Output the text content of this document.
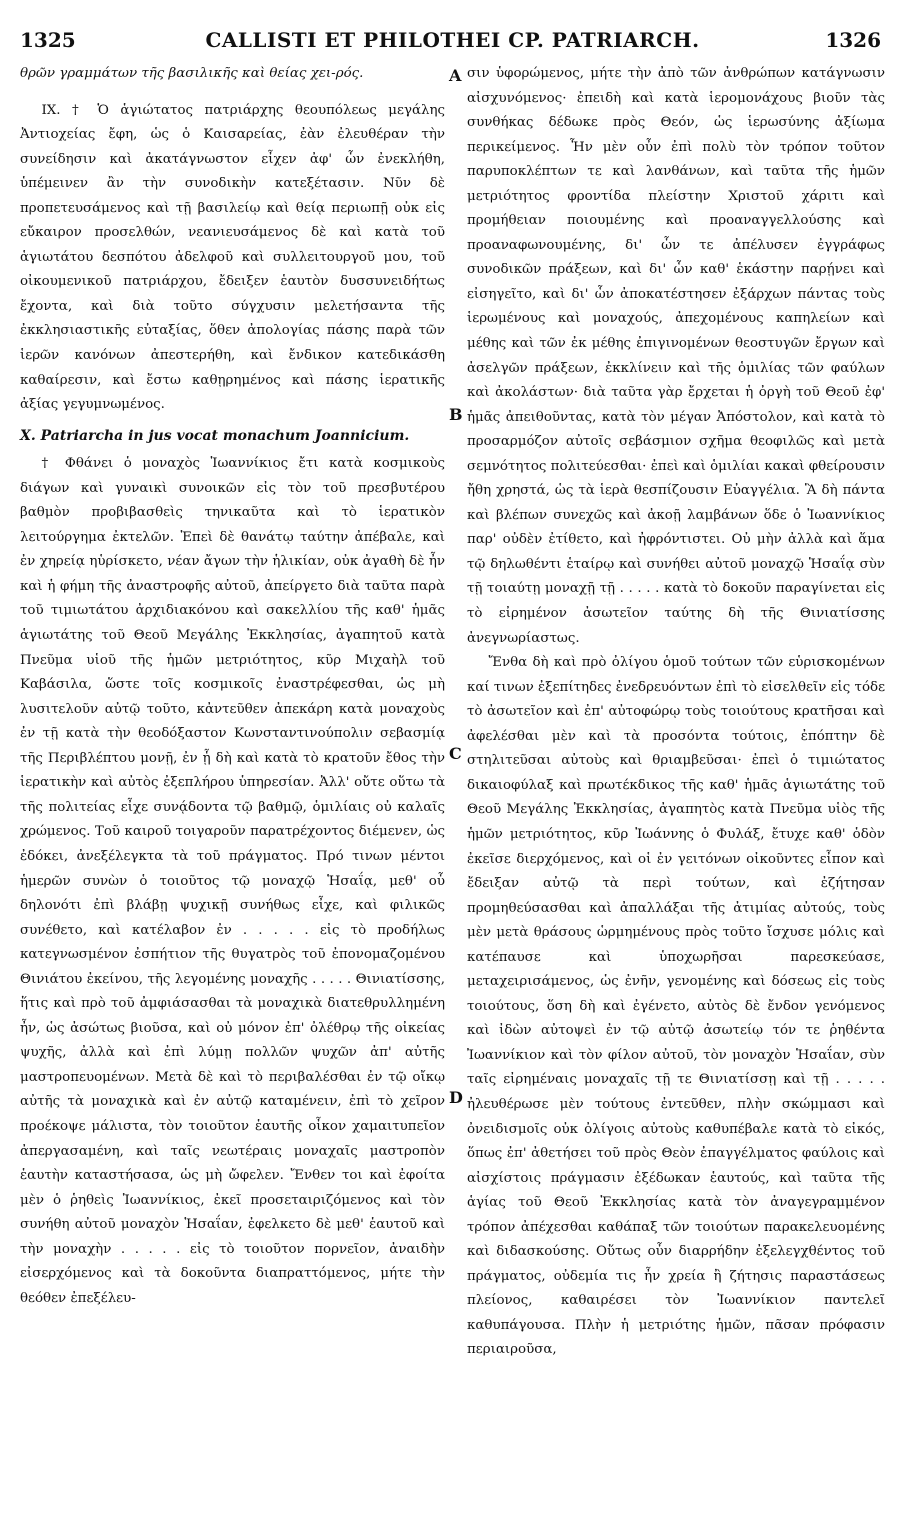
1325	CALLISTI ET PHILOTHEI CP. PATRIARCH.	1326

θρῶν γραμμάτων τῆς βασιλικῆς καὶ θείας χει-ρός.

IX. † Ὁ ἁγιώτατος πατριάρχης θεουπόλεως μεγάλης Ἀντιοχείας ἔφη, ὡς ὁ Καισαρείας, ἐὰν ἐλευθέραν τὴν συνείδησιν καὶ ἀκατάγνωστον εἶχεν ἀφ' ὧν ἐνεκλήθη, ὑπέμεινεν ἂν τὴν συνοδικὴν κατεξέτασιν. Νῦν δὲ προπετευσάμενος καὶ τῇ βασιλείῳ καὶ θείᾳ περιωπῇ οὐκ εἰς εὔκαιρον προσελθών, νεανιευσάμενος δὲ καὶ κατὰ τοῦ ἁγιωτάτου δεσπότου ἀδελφοῦ καὶ συλλειτουργοῦ μου, τοῦ οἰκουμενικοῦ πατριάρχου, ἔδειξεν ἑαυτὸν δυσσυνειδήτως ἔχοντα, καὶ διὰ τοῦτο σύγχυσιν μελετήσαντα τῆς ἐκκλησιαστικῆς εὐταξίας, ὅθεν ἀπολογίας πάσης παρὰ τῶν ἱερῶν κανόνων ἀπεστερήθη, καὶ ἔνδικον κατεδικάσθη καθαίρεσιν, καὶ ἔστω καθῃρημένος καὶ πάσης ἱερατικῆς ἀξίας γεγυμνωμένος.

X. Patriarcha in jus vocat monachum Joannicium.

† Φθάνει ὁ μοναχὸς Ἰωαννίκιος ἔτι κατὰ κοσμικοὺς διάγων καὶ γυναικὶ συνοικῶν εἰς τὸν τοῦ πρεσβυτέρου βαθμὸν προβιβασθεὶς τηνικαῦτα καὶ τὸ ἱερατικὸν λειτούργημα ἐκτελῶν. Ἐπεὶ δὲ θανάτῳ ταύτην ἀπέβαλε, καὶ ἐν χηρείᾳ ηὑρίσκετο, νέαν ἄγων τὴν ἡλικίαν, οὐκ ἀγαθὴ δὲ ἦν καὶ ἡ φήμη τῆς ἀναστροφῆς αὐτοῦ, ἀπείργετο διὰ ταῦτα παρὰ τοῦ τιμιωτάτου ἀρχιδιακόνου καὶ σακελλίου τῆς καθ' ἡμᾶς ἁγιωτάτης τοῦ Θεοῦ Μεγάλης Ἐκκλησίας, ἀγαπητοῦ κατὰ Πνεῦμα υἱοῦ τῆς ἡμῶν μετριότητος, κῦρ Μιχαὴλ τοῦ Καβάσιλα, ὥστε τοῖς κοσμικοῖς ἐναστρέφεσθαι, ὡς μὴ λυσιτελοῦν αὐτῷ τοῦτο, κἀντεῦθεν ἀπεκάρη κατὰ μοναχοὺς ἐν τῇ κατὰ τὴν θεοδόξαστον Κωνσταντινούπολιν σεβασμίᾳ τῆς Περιβλέπτου μονῇ, ἐν ᾗ δὴ καὶ κατὰ τὸ κρατοῦν ἔθος τὴν ἱερατικὴν καὶ αὐτὸς ἐξεπλήρου ὑπηρεσίαν. Ἀλλ' οὔτε οὕτω τὰ τῆς πολιτείας εἶχε συνᾴδοντα τῷ βαθμῷ, ὁμιλίαις οὐ καλαῖς χρώμενος. Τοῦ καιροῦ τοιγαροῦν παρατρέχοντος διέμενεν, ὡς ἐδόκει, ἀνεξέλεγκτα τὰ τοῦ πράγματος. Πρό τινων μέντοι ἡμερῶν συνὼν ὁ τοιοῦτος τῷ μοναχῷ Ἡσαΐᾳ, μεθ' οὗ δηλονότι ἐπὶ βλάβῃ ψυχικῇ συνήθως εἶχε, καὶ φιλικῶς συνέθετο, καὶ κατέλαβον ἐν . . . . . εἰς τὸ προδήλως κατεγνωσμένον ἐσπήτιον τῆς θυγατρὸς τοῦ ἐπονομαζομένου Θινιάτου ἐκείνου, τῆς λεγομένης μοναχῆς . . . . . Θινιατίσσης, ἥτις καὶ πρὸ τοῦ ἀμφιάσασθαι τὰ μοναχικὰ διατεθρυλλημένη ἦν, ὡς ἀσώτως βιοῦσα, καὶ οὐ μόνον ἐπ' ὀλέθρῳ τῆς οἰκείας ψυχῆς, ἀλλὰ καὶ ἐπὶ λύμῃ πολλῶν ψυχῶν ἀπ' αὐτῆς μαστροπευομένων. Μετὰ δὲ καὶ τὸ περιβαλέσθαι ἐν τῷ οἴκῳ αὐτῆς τὰ μοναχικὰ καὶ ἐν αὐτῷ καταμένειν, ἐπὶ τὸ χεῖρον προέκοψε μάλιστα, τὸν τοιοῦτον ἑαυτῆς οἶκον χαμαιτυπεῖον ἀπεργασαμένη, καὶ ταῖς νεωτέραις μοναχαῖς μαστροπὸν ἑαυτὴν καταστήσασα, ὡς μὴ ὤφελεν. Ἔνθεν τοι καὶ ἐφοίτα μὲν ὁ ῥηθεὶς Ἰωαννίκιος, ἐκεῖ προσεταιριζόμενος καὶ τὸν συνήθη αὐτοῦ μοναχὸν Ἡσαΐαν, ἐφελκετο δὲ μεθ' ἑαυτοῦ καὶ τὴν μοναχὴν . . . . . εἰς τὸ τοιοῦτον πορνεῖον, ἀναιδὴν εἰσερχόμενος καὶ τὰ δοκοῦντα διαπραττόμενος, μήτε τὴν θεόθεν ἐπεξέλευ-

σιν ὑφορώμενος, μήτε τὴν ἀπὸ τῶν ἀνθρώπων κατάγνωσιν αἰσχυνόμενος· ἐπειδὴ καὶ κατὰ ἱερομονάχους βιοῦν τὰς συνθήκας δέδωκε πρὸς Θεόν, ὡς ἱερωσύνης ἀξίωμα περικείμενος. Ἦν μὲν οὖν ἐπὶ πολὺ τὸν τρόπον τοῦτον παρυποκλέπτων τε καὶ λανθάνων, καὶ ταῦτα τῆς ἡμῶν μετριότητος φροντίδα πλείστην Χριστοῦ χάριτι καὶ προμήθειαν ποιουμένης καὶ προαναγγελλούσης καὶ προαναφωνουμένης, δι' ὧν τε ἀπέλυσεν ἐγγράφως συνοδικῶν πράξεων, καὶ δι' ὧν καθ' ἑκάστην παρῄνει καὶ εἰσηγεῖτο, καὶ δι' ὧν ἀποκατέστησεν ἐξάρχων πάντας τοὺς ἱερωμένους καὶ μοναχούς, ἀπεχομένους καπηλείων καὶ μέθης καὶ τῶν ἐκ μέθης ἐπιγινομένων θεοστυγῶν ἔργων καὶ ἀσελγῶν πράξεων, ἐκκλίνειν καὶ τῆς ὁμιλίας τῶν φαύλων καὶ ἀκολάστων· διὰ ταῦτα γὰρ ἔρχεται ἡ ὀργὴ τοῦ Θεοῦ ἐφ' ἡμᾶς ἀπειθοῦντας, κατὰ τὸν μέγαν Ἀπόστολον, καὶ κατὰ τὸ προσαρμόζον αὐτοῖς σεβάσμιον σχῆμα θεοφιλῶς καὶ μετὰ σεμνότητος πολιτεύεσθαι· ἐπεὶ καὶ ὁμιλίαι κακαὶ φθείρουσιν ἤθη χρηστά, ὡς τὰ ἱερὰ θεσπίζουσιν Εὐαγγέλια. Ἃ δὴ πάντα καὶ βλέπων συνεχῶς καὶ ἀκοῇ λαμβάνων ὅδε ὁ Ἰωαννίκιος παρ' οὐδὲν ἐτίθετο, καὶ ἠφρόντιστει. Οὐ μὴν ἀλλὰ καὶ ἅμα τῷ δηλωθέντι ἑταίρῳ καὶ συνήθει αὐτοῦ μοναχῷ Ἡσαΐᾳ σὺν τῇ τοιαύτῃ μοναχῇ τῇ . . . . . κατὰ τὸ δοκοῦν παραγίνεται εἰς τὸ εἰρημένον ἀσωτεῖον ταύτης δὴ τῆς Θινιατίσσης ἀνεγνωρίαστως.

Ἔνθα δὴ καὶ πρὸ ὀλίγου ὁμοῦ τούτων τῶν εὑρισκομένων καί τινων ἐξεπίτηδες ἐνεδρευόντων ἐπὶ τὸ εἰσελθεῖν εἰς τόδε τὸ ἀσωτεῖον καὶ ἐπ' αὐτοφώρῳ τοὺς τοιούτους κρατῆσαι καὶ ἀφελέσθαι μὲν καὶ τὰ προσόντα τούτοις, ἐπόπτην δὲ στηλιτεῦσαι αὐτοὺς καὶ θριαμβεῦσαι· ἐπεὶ ὁ τιμιώτατος δικαιοφύλαξ καὶ πρωτέκδικος τῆς καθ' ἡμᾶς ἁγιωτάτης τοῦ Θεοῦ Μεγάλης Ἐκκλησίας, ἀγαπητὸς κατὰ Πνεῦμα υἱὸς τῆς ἡμῶν μετριότητος, κῦρ Ἰωάννης ὁ Φυλάξ, ἔτυχε καθ' ὁδὸν ἐκεῖσε διερχόμενος, καὶ οἱ ἐν γειτόνων οἰκοῦντες εἶπον καὶ ἔδειξαν αὐτῷ τὰ περὶ τούτων, καὶ ἐζήτησαν προμηθεύσασθαι καὶ ἀπαλλάξαι τῆς ἀτιμίας αὐτούς, τοὺς μὲν μετὰ θράσους ὡρμημένους πρὸς τοῦτο ἴσχυσε μόλις καὶ κατέπαυσε καὶ ὑποχωρῆσαι παρεσκεύασε, μεταχειρισάμενος, ὡς ἐνῆν, γενομένης καὶ δόσεως εἰς τοὺς τοιούτους, ὅση δὴ καὶ ἐγένετο, αὐτὸς δὲ ἔνδον γενόμενος καὶ ἰδὼν αὐτοψεὶ ἐν τῷ αὐτῷ ἀσωτείῳ τόν τε ῥηθέντα Ἰωαννίκιον καὶ τὸν φίλον αὐτοῦ, τὸν μοναχὸν Ἡσαΐαν, σὺν ταῖς εἰρημέναις μοναχαῖς τῇ τε Θινιατίσσῃ καὶ τῇ . . . . . ἠλευθέρωσε μὲν τούτους ἐντεῦθεν, πλὴν σκώμμασι καὶ ὀνειδισμοῖς οὐκ ὀλίγοις αὐτοὺς καθυπέβαλε κατὰ τὸ εἰκός, ὅπως ἐπ' ἀθετήσει τοῦ πρὸς Θεὸν ἐπαγγέλματος φαύλοις καὶ αἰσχίστοις πράγμασιν ἐξέδωκαν ἑαυτούς, καὶ ταῦτα τῆς ἁγίας τοῦ Θεοῦ Ἐκκλησίας κατὰ τὸν ἀναγεγραμμένον τρόπον ἀπέχεσθαι καθάπαξ τῶν τοιούτων παρακελευομένης καὶ διδασκούσης. Οὕτως οὖν διαρρήδην ἐξελεγχθέντος τοῦ πράγματος, οὐδεμία τις ἦν χρεία ἢ ζήτησις παραστάσεως πλείονος, καθαιρέσει τὸν Ἰωαννίκιον παντελεῖ καθυπάγουσα. Πλὴν ἡ μετριότης ἡμῶν, πᾶσαν πρόφασιν περιαιροῦσα,

A
B
C
D
